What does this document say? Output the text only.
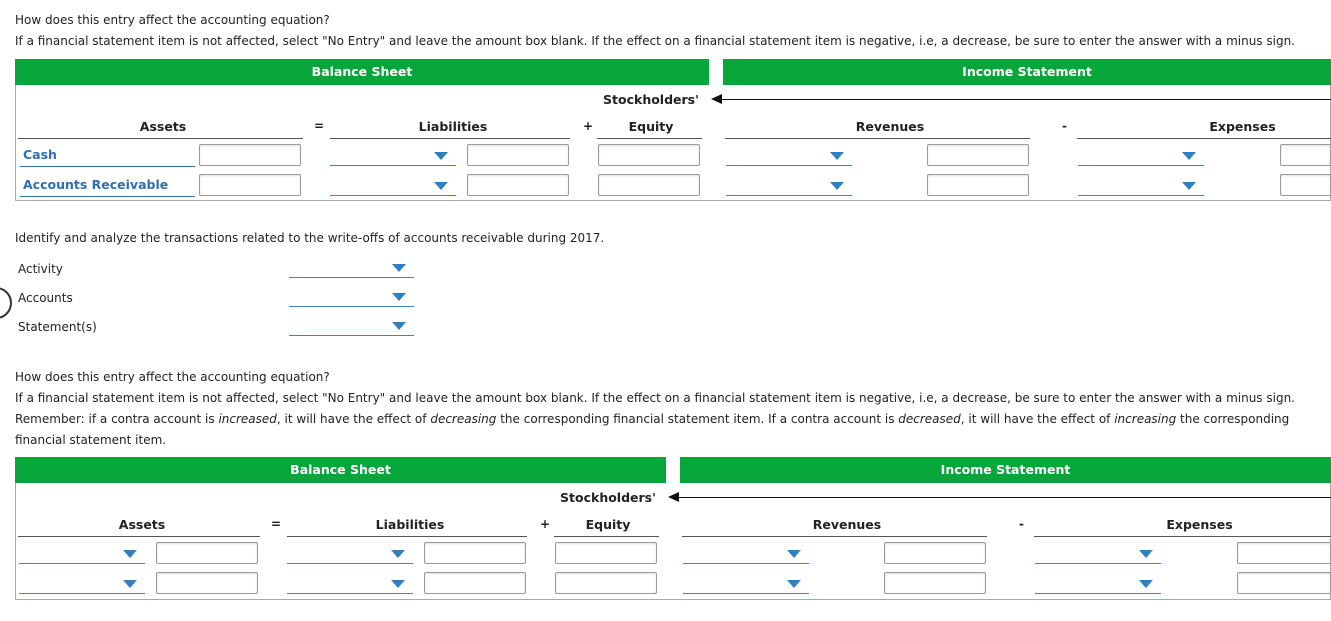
How does this entry affect the accounting equation?
If a financial statement item is not affected, select "No Entry" and leave the amount box blank. If the effect on a financial statement item is negative, i.e, a decrease, be sure to enter the answer with a minus sign.
Balance Sheet	Income Statement
Stockholders'
Assets	=	Liabilities	+	Equity	Revenues	-	Expenses
Cash
Accounts Receivable
Identify and analyze the transactions related to the write-offs of accounts receivable during 2017.
Activity
Accounts
Statement(s)
How does this entry affect the accounting equation?
If a financial statement item is not affected, select "No Entry" and leave the amount box blank. If the effect on a financial statement item is negative, i.e, a decrease, be sure to enter the answer with a minus sign.
Remember: if a contra account is increased, it will have the effect of decreasing the corresponding financial statement item. If a contra account is decreased, it will have the effect of increasing the corresponding
financial statement item.
Balance Sheet	Income Statement
Stockholders'
Assets	=	Liabilities	+	Equity	Revenues	-	Expenses
